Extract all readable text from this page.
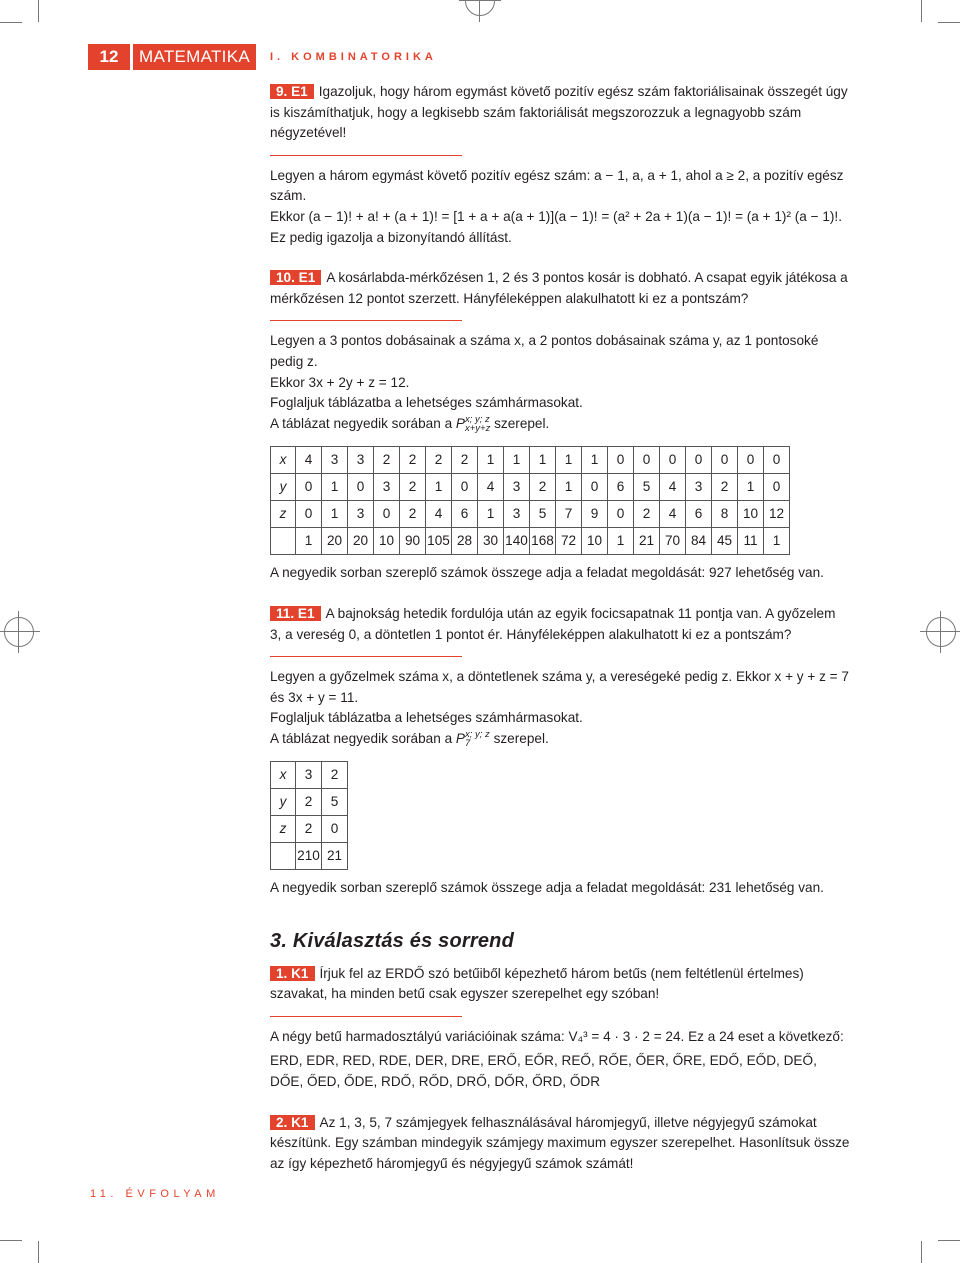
12	MATEMATIKA	I. KOMBINATORIKA

9. E1 Igazoljuk, hogy három egymást követő pozitív egész szám faktoriálisainak összegét úgy is kiszámíthatjuk, hogy a legkisebb szám faktoriálisát megszorozzuk a legnagyobb szám négyzetével!

Legyen a három egymást követő pozitív egész szám: a − 1, a, a + 1, ahol a ≥ 2, a pozitív egész szám.

Ekkor (a − 1)! + a! + (a + 1)! = [1 + a + a(a + 1)](a − 1)! = (a² + 2a + 1)(a − 1)! = (a + 1)² (a − 1)!.

Ez pedig igazolja a bizonyítandó állítást.

10. E1 A kosárlabda-mérkőzésen 1, 2 és 3 pontos kosár is dobható. A csapat egyik játékosa a mérkőzésen 12 pontot szerzett. Hányféleképpen alakulhatott ki ez a pontszám?

Legyen a 3 pontos dobásainak a száma x, a 2 pontos dobásainak száma y, az 1 pontosoké pedig z.

Ekkor 3x + 2y + z = 12.

Foglaljuk táblázatba a lehetséges számhármasokat.

A táblázat negyedik sorában a P x; y; z
x+y+z szerepel.

x	4	3	3	2	2	2	2	1	1	1	1	1	0	0	0	0	0	0	0
y	0	1	0	3	2	1	0	4	3	2	1	0	6	5	4	3	2	1	0
z	0	1	3	0	2	4	6	1	3	5	7	9	0	2	4	6	8	10	12
	1	20	20	10	90	105	28	30	140	168	72	10	1	21	70	84	45	11	1

A negyedik sorban szereplő számok összege adja a feladat megoldását: 927 lehetőség van.

11. E1 A bajnokság hetedik fordulója után az egyik focicsapatnak 11 pontja van. A győzelem 3, a vereség 0, a döntetlen 1 pontot ér. Hányféleképpen alakulhatott ki ez a pontszám?

Legyen a győzelmek száma x, a döntetlenek száma y, a vereségeké pedig z. Ekkor x + y + z = 7 és 3x + y = 11.

Foglaljuk táblázatba a lehetséges számhármasokat.

A táblázat negyedik sorában a P x; y; z
7	szerepel.

x	3	2
y	2	5
z	2	0
	210	21

A negyedik sorban szereplő számok összege adja a feladat megoldását: 231 lehetőség van.

3. Kiválasztás és sorrend

1. K1 Írjuk fel az ERDŐ szó betűiből képezhető három betűs (nem feltétlenül értelmes) szavakat, ha minden betű csak egyszer szerepelhet egy szóban!

A négy betű harmadosztályú variációinak száma: V₄³ = 4 · 3 · 2 = 24. Ez a 24 eset a következő:

ERD, EDR, RED, RDE, DER, DRE, ERŐ, EŐR, REŐ, RŐE, ŐER, ŐRE, EDŐ, EŐD, DEŐ, DŐE, ŐED, ŐDE, RDŐ, RŐD, DRŐ, DŐR, ŐRD, ŐDR

2. K1 Az 1, 3, 5, 7 számjegyek felhasználásával háromjegyű, illetve négyjegyű számokat készítünk. Egy számban mindegyik számjegy maximum egyszer szerepelhet. Hasonlítsuk össze az így képezhető háromjegyű és négyjegyű számok számát!

11. ÉVFOLYAM
